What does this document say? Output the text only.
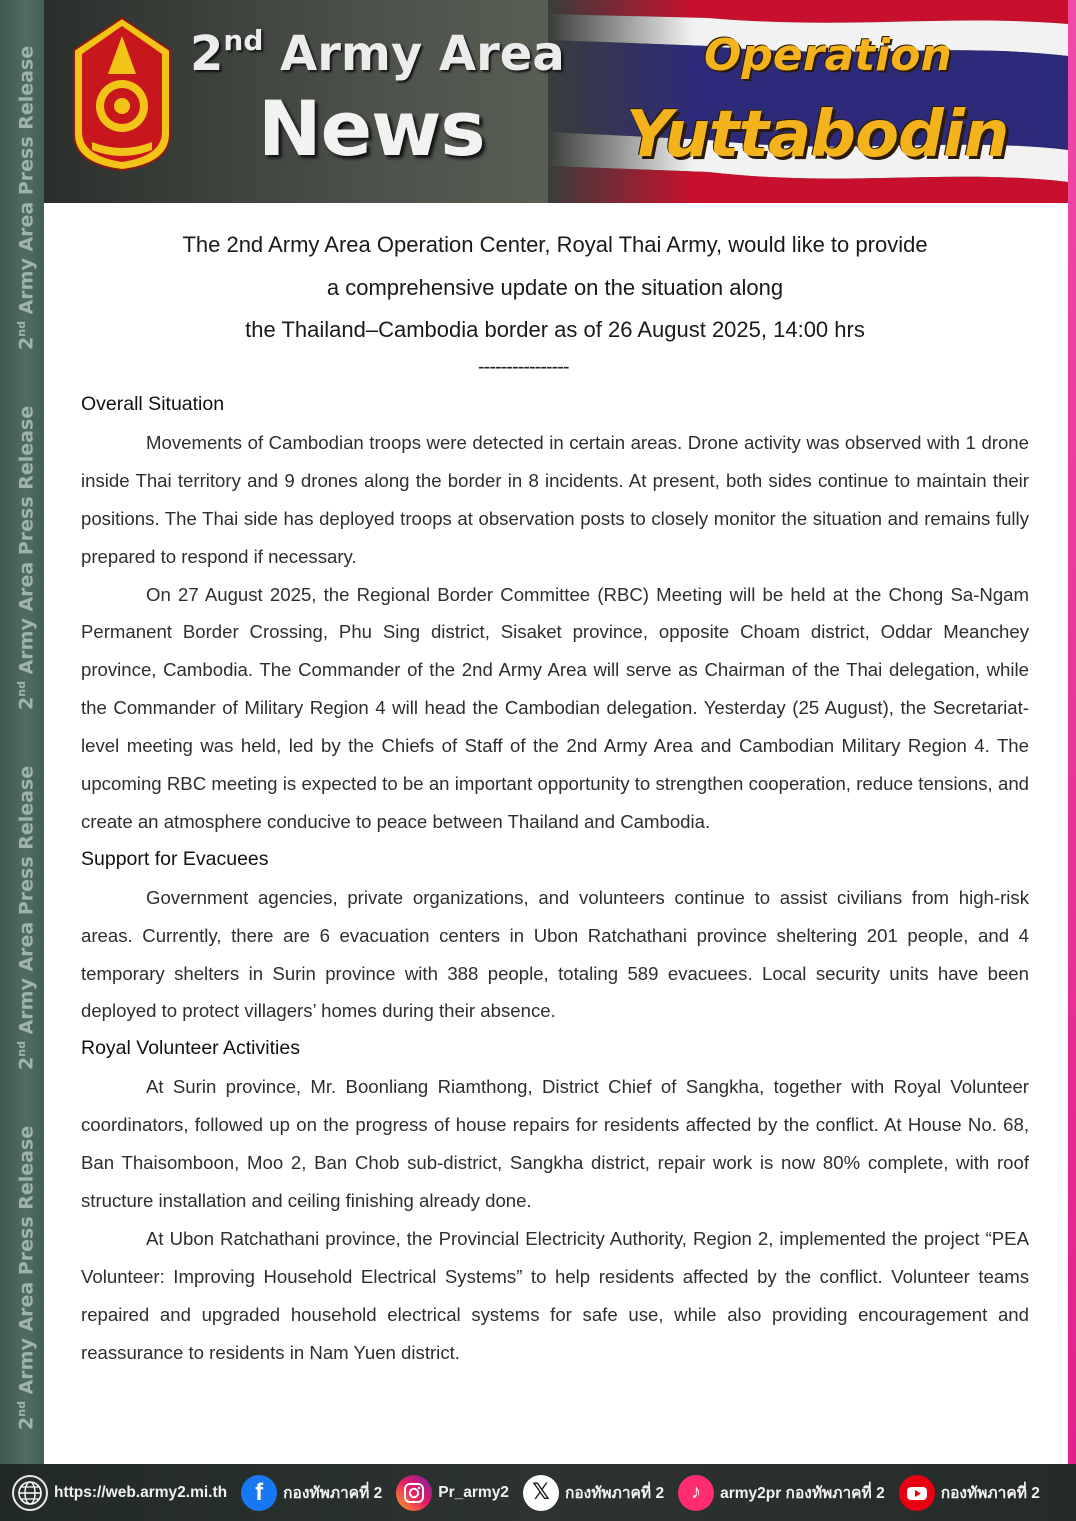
2nd Army Area Press Release
2nd Army Area Press Release
2nd Army Area Press Release
2nd Army Area Press Release	2nd Army Area
News
Operation
Yuttabodin
The 2nd Army Area Operation Center, Royal Thai Army, would like to provide
a comprehensive update on the situation along
the Thailand–Cambodia border as of 26 August 2025, 14:00 hrs
----------------
Overall Situation

Movements of Cambodian troops were detected in certain areas. Drone activity was observed with 1 drone inside Thai territory and 9 drones along the border in 8 incidents. At present, both sides continue to maintain their positions. The Thai side has deployed troops at observation posts to closely monitor the situation and remains fully prepared to respond if necessary.

On 27 August 2025, the Regional Border Committee (RBC) Meeting will be held at the Chong Sa-Ngam Permanent Border Crossing, Phu Sing district, Sisaket province, opposite Choam district, Oddar Meanchey province, Cambodia. The Commander of the 2nd Army Area will serve as Chairman of the Thai delegation, while the Commander of Military Region 4 will head the Cambodian delegation. Yesterday (25 August), the Secretariat-level meeting was held, led by the Chiefs of Staff of the 2nd Army Area and Cambodian Military Region 4. The upcoming RBC meeting is expected to be an important opportunity to strengthen cooperation, reduce tensions, and create an atmosphere conducive to peace between Thailand and Cambodia.

Support for Evacuees

Government agencies, private organizations, and volunteers continue to assist civilians from high-risk areas. Currently, there are 6 evacuation centers in Ubon Ratchathani province sheltering 201 people, and 4 temporary shelters in Surin province with 388 people, totaling 589 evacuees. Local security units have been deployed to protect villagers’ homes during their absence.

Royal Volunteer Activities

At Surin province, Mr. Boonliang Riamthong, District Chief of Sangkha, together with Royal Volunteer coordinators, followed up on the progress of house repairs for residents affected by the conflict. At House No. 68, Ban Thaisomboon, Moo 2, Ban Chob sub-district, Sangkha district, repair work is now 80% complete, with roof structure installation and ceiling finishing already done.

At Ubon Ratchathani province, the Provincial Electricity Authority, Region 2, implemented the project “PEA Volunteer: Improving Household Electrical Systems” to help residents affected by the conflict. Volunteer teams repaired and upgraded household electrical systems for safe use, while also providing encouragement and reassurance to residents in Nam Yuen district.

https://web.army2.mi.th f กองทัพภาคที่ 2	Pr_army2 𝕏 กองทัพภาคที่ 2 ♪ army2pr กองทัพภาคที่ 2	กองทัพภาคที่ 2
